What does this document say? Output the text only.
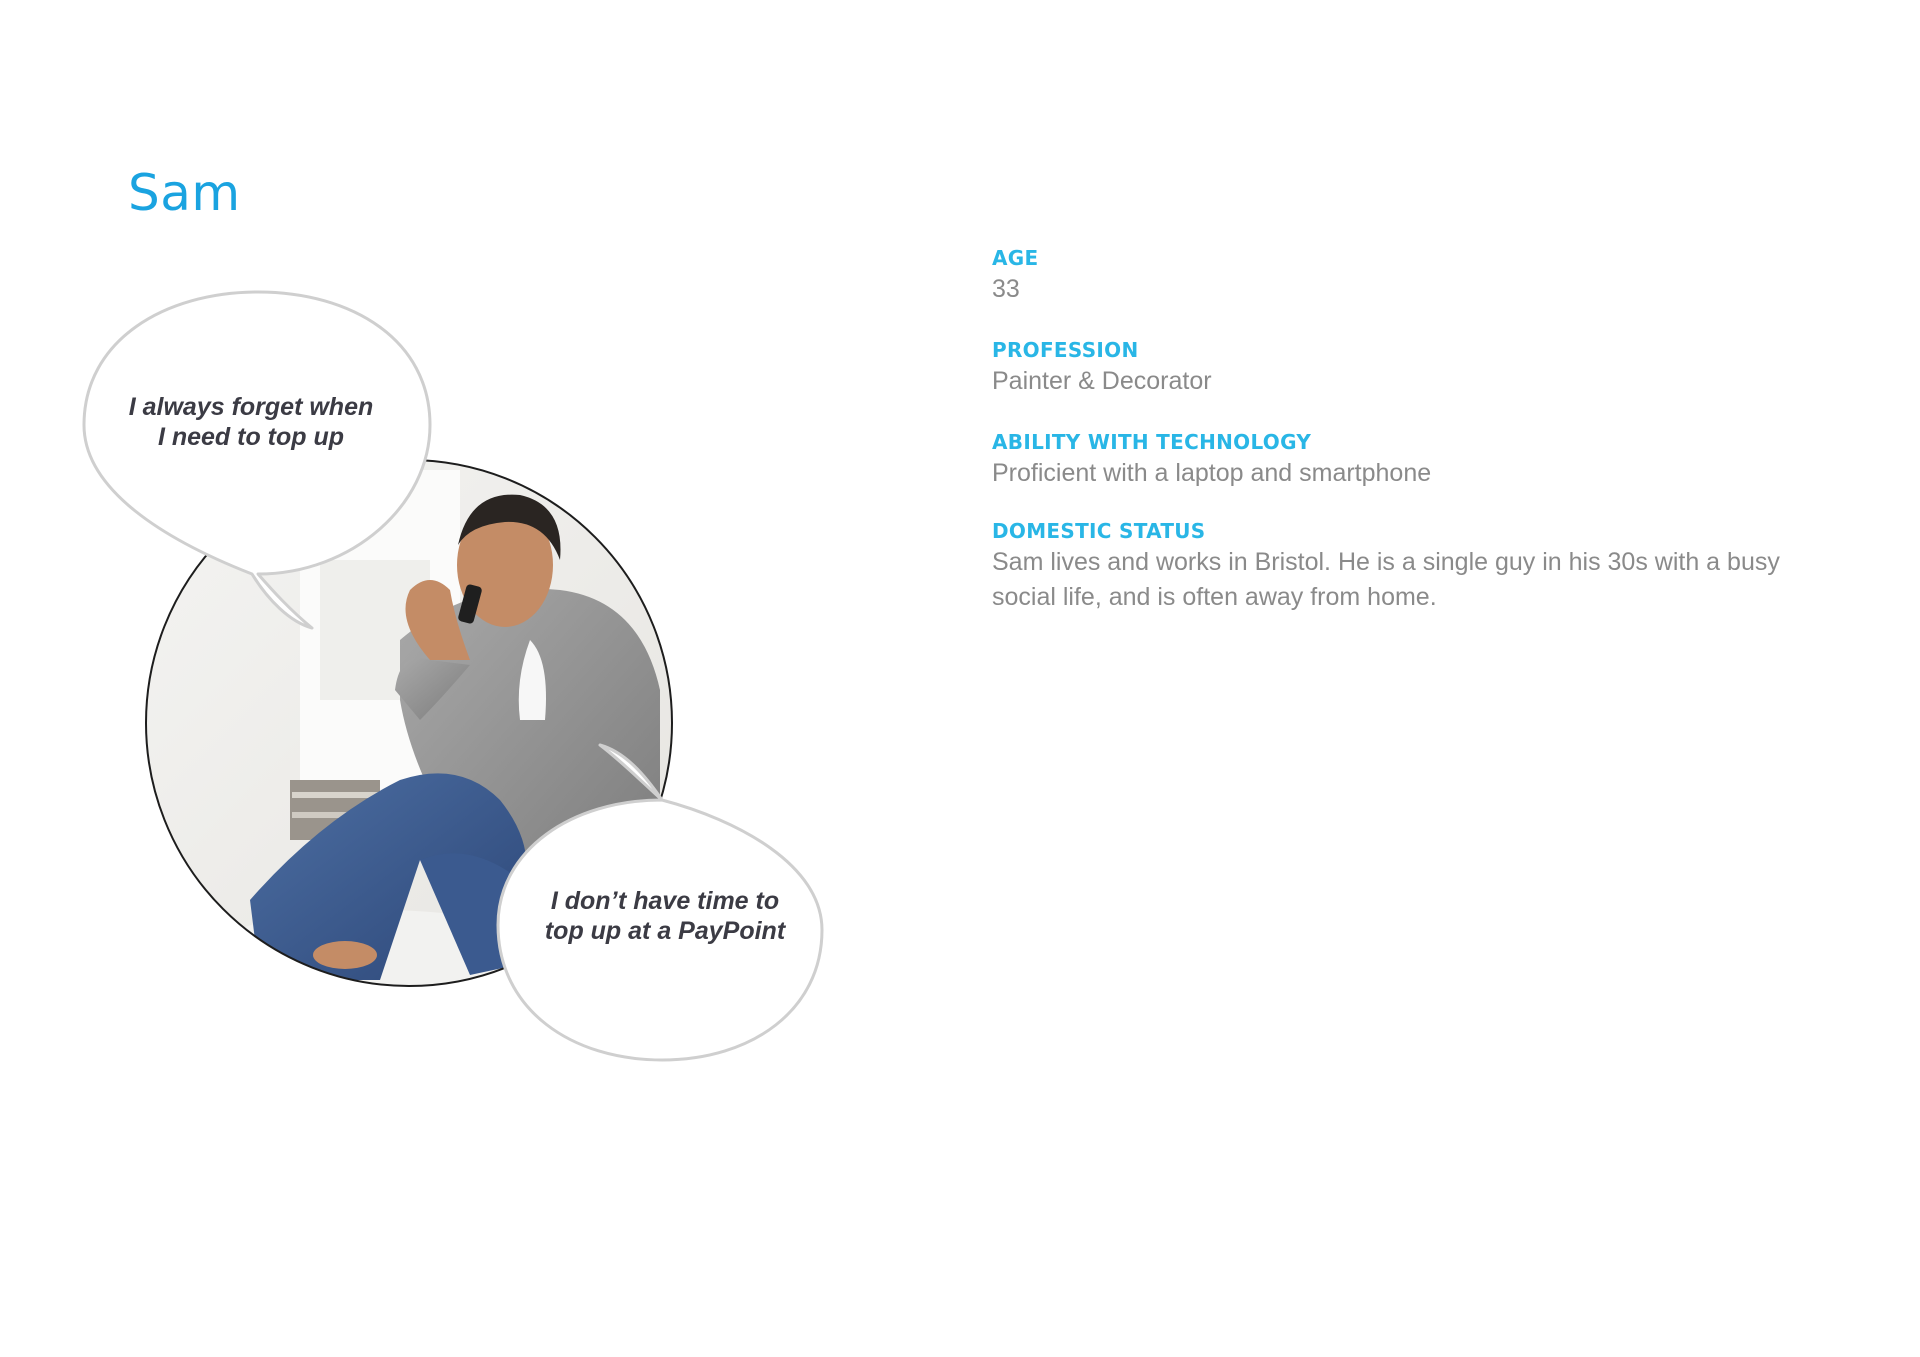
Sam

I always forget when
I need to top up

I don’t have time to
top up at a PayPoint

AGE
33
PROFESSION
Painter & Decorator
ABILITY WITH TECHNOLOGY
Proficient with a laptop and smartphone
DOMESTIC STATUS
Sam lives and works in Bristol. He is a single guy in his 30s with a busy social life, and is often away from home.
